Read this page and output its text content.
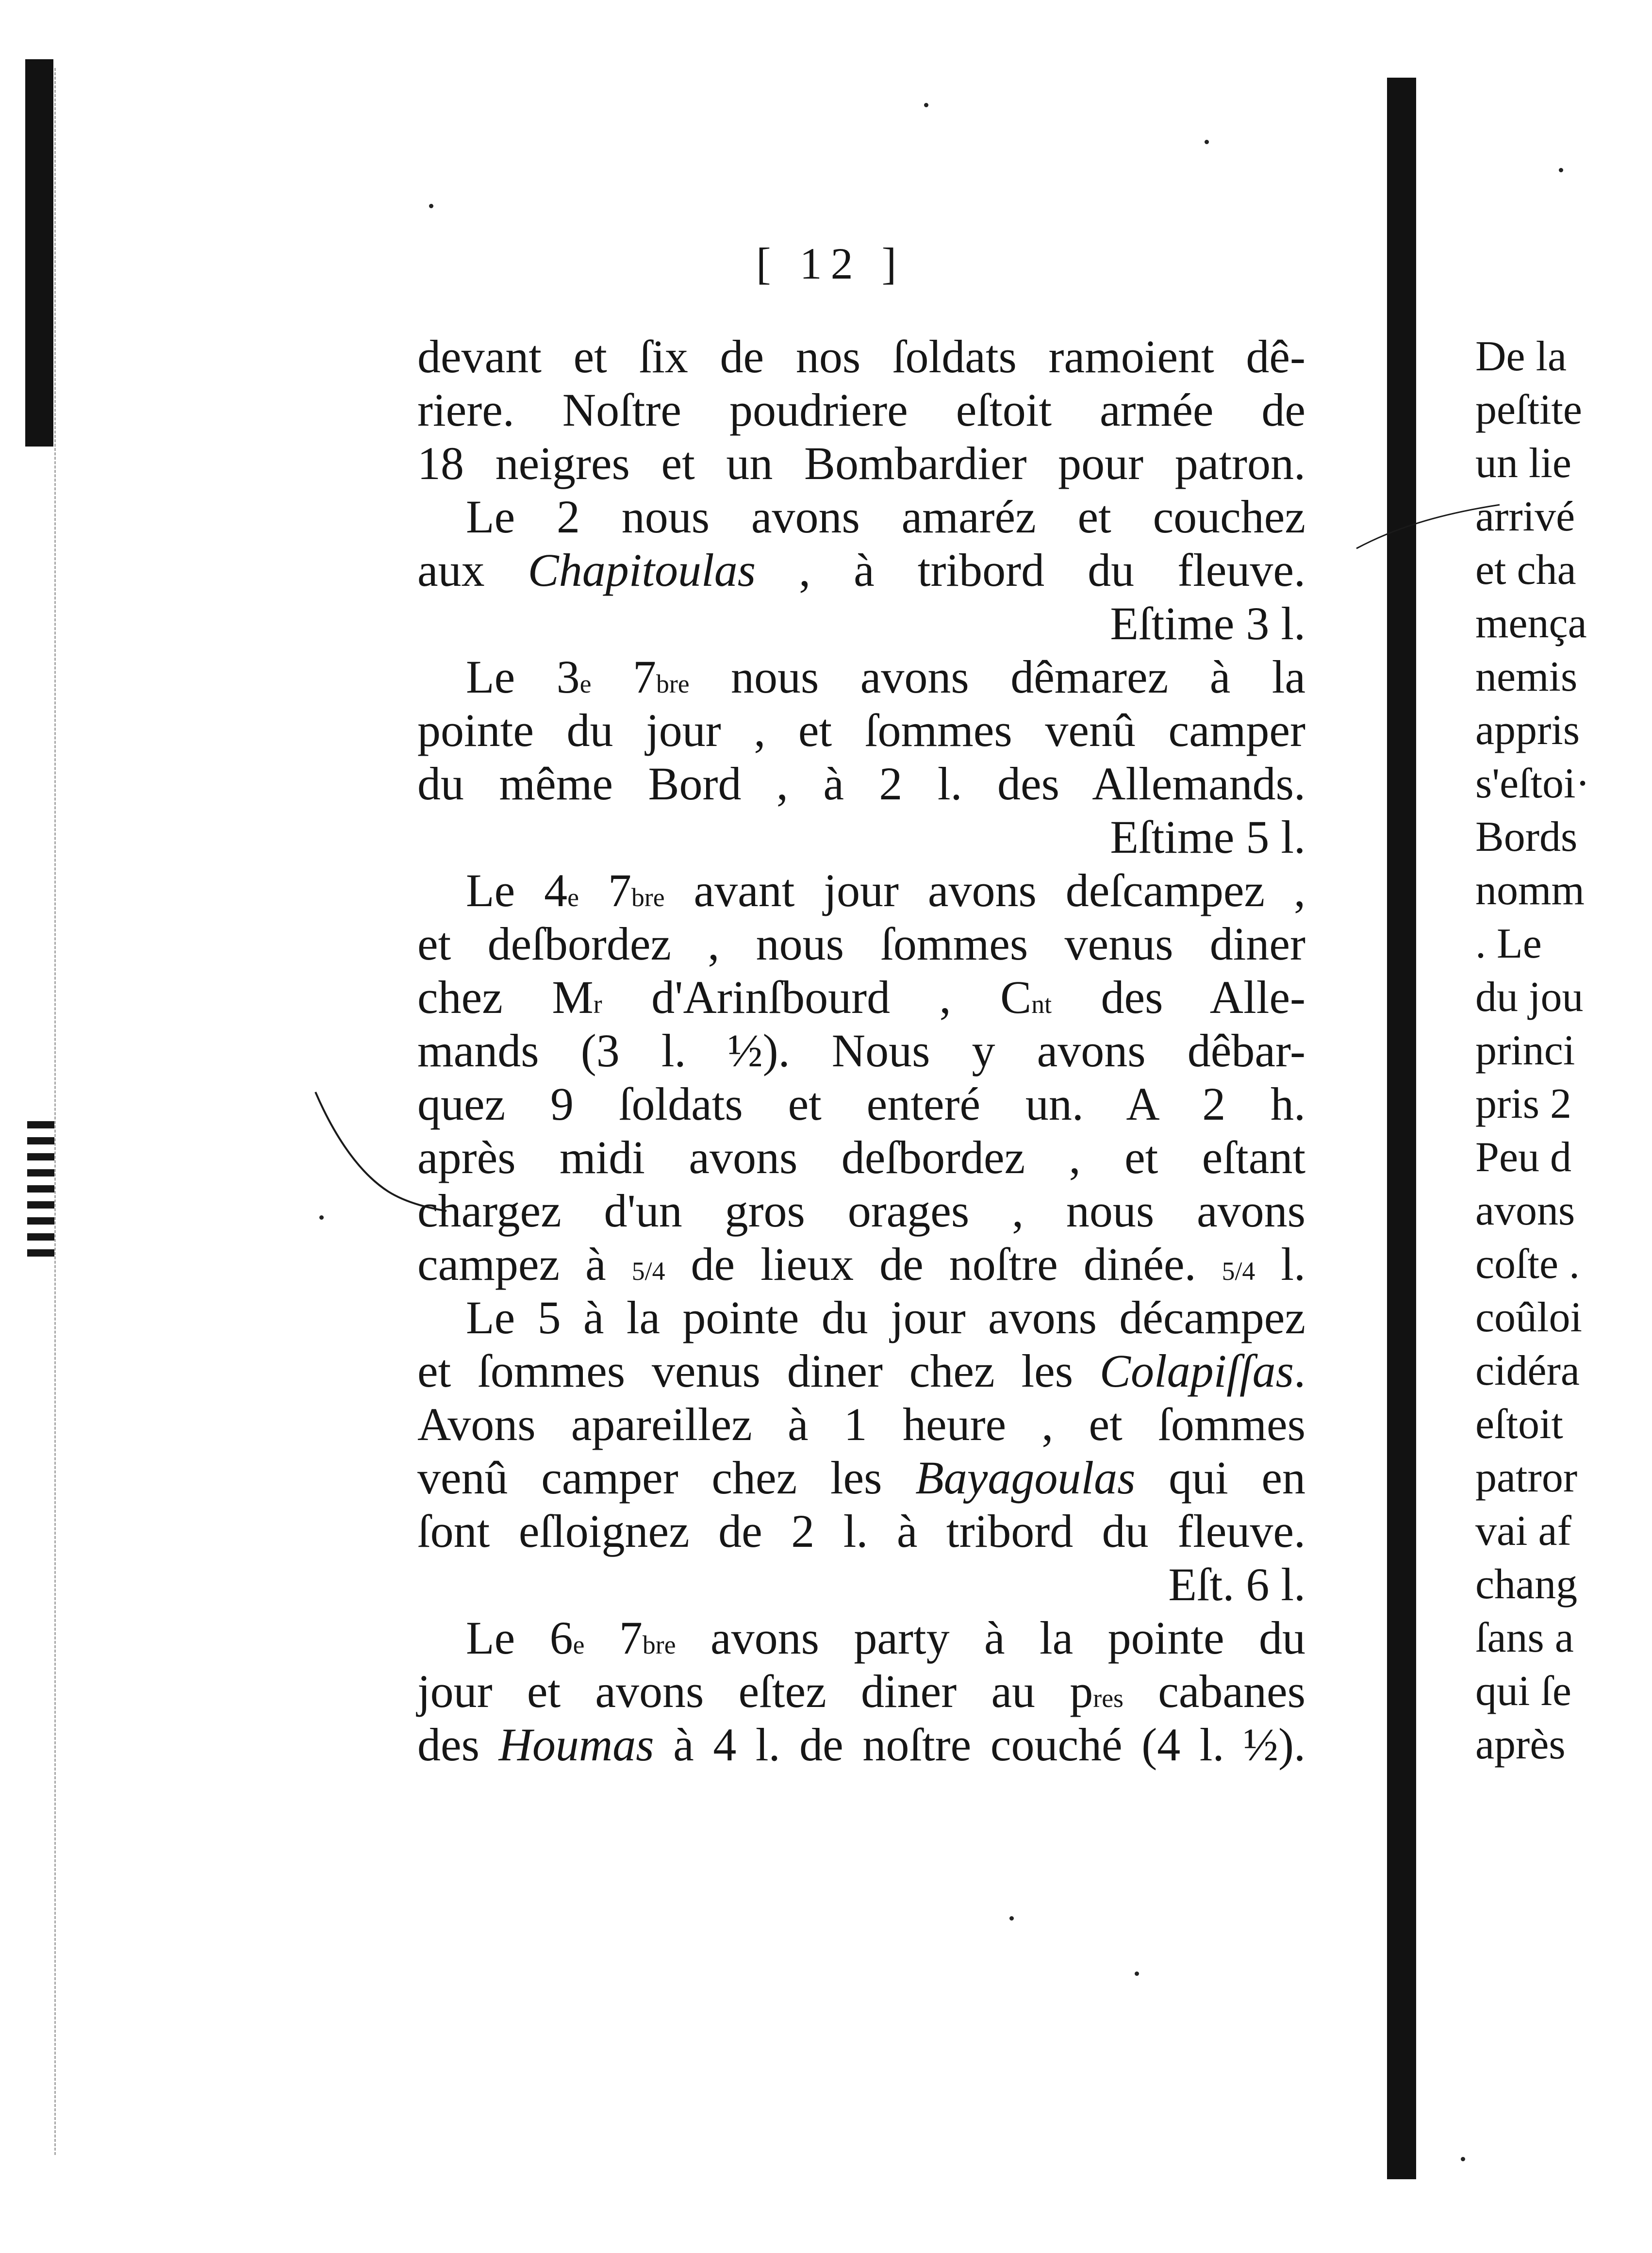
[ 12 ]
devant et ſix de nos ſoldats ramoient dê-
riere. Noſtre poudriere eſtoit armée de
18 neigres et un Bombardier pour patron.
Le 2 nous avons amaréz et couchez
aux Chapitoulas , à tribord du fleuve.
Eſtime 3 l.
Le 3e $7^{bre}$ nous avons dêmarez à la
pointe du jour , et ſommes venû camper
du même Bord , à 2 l. des Allemands.
Eſtime 5 l.
Le 4e $7^{bre}$ avant jour avons deſcampez ,
et deſbordez , nous ſommes venus diner
chez $M^r$ d'Arinſbourd , $C^{nt}$ des Alle-
mands (3 l. ½). Nous y avons dêbar-
quez 9 ſoldats et enteré un. A 2 h.
après midi avons deſbordez , et eſtant
chargez d'un gros orages , nous avons
campez à $^{5/4}$ de lieux de noſtre dinée. $^{5/4}$ l.
Le 5 à la pointe du jour avons décampez
et ſommes venus diner chez les Colapiſſas.
Avons apareillez à 1 heure , et ſommes
venû camper chez les Bayagoulas qui en
ſont eſloignez de 2 l. à tribord du fleuve.
Eſt. 6 l.
Le 6e $7^{bre}$ avons party à la pointe du
jour et avons eſtez diner au $p^{res}$ cabanes
des Houmas à 4 l. de noſtre couché (4 l. ½).
De la
peſtite
un lie
arrivé
et cha
mençа
nemis
appris
s'eſtoi·
Bords
nomm
. Le
du jou
princi
pris 2
Peu d
avons
coſte .
coûloi
cidéra
eſtoit
patror
vai af
chang
ſans a
qui ſe
après
